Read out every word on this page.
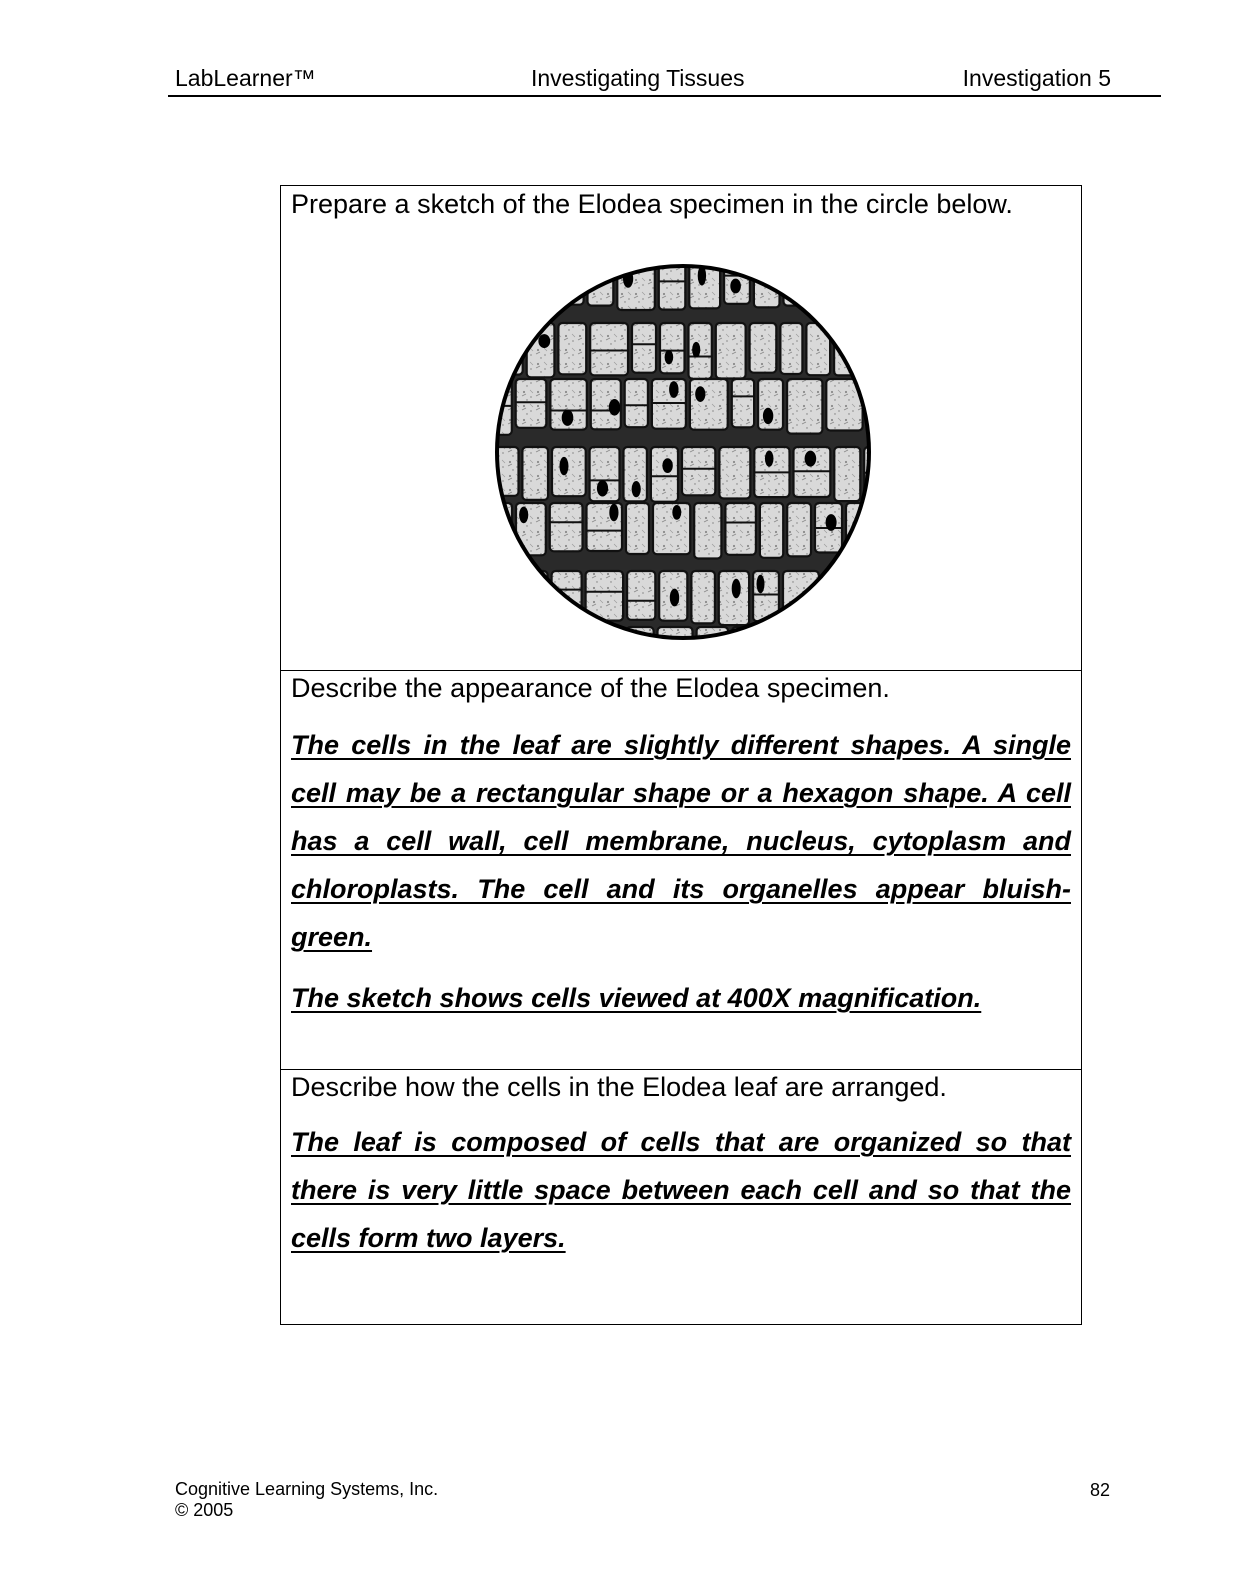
LabLearner™	Investigating Tissues	Investigation 5
Prepare a sketch of the Elodea specimen in the circle below.
Describe the appearance of the Elodea specimen.
The cells in the leaf are slightly different shapes. A single cell may be a rectangular shape or a hexagon shape. A cell has a cell wall, cell membrane, nucleus, cytoplasm and chloroplasts. The cell and its organelles appear bluish-green.
The sketch shows cells viewed at 400X magnification.
Describe how the cells in the Elodea leaf are arranged.
The leaf is composed of cells that are organized so that there is very little space between each cell and so that the cells form two layers.
Cognitive Learning Systems, Inc.
© 2005
82
